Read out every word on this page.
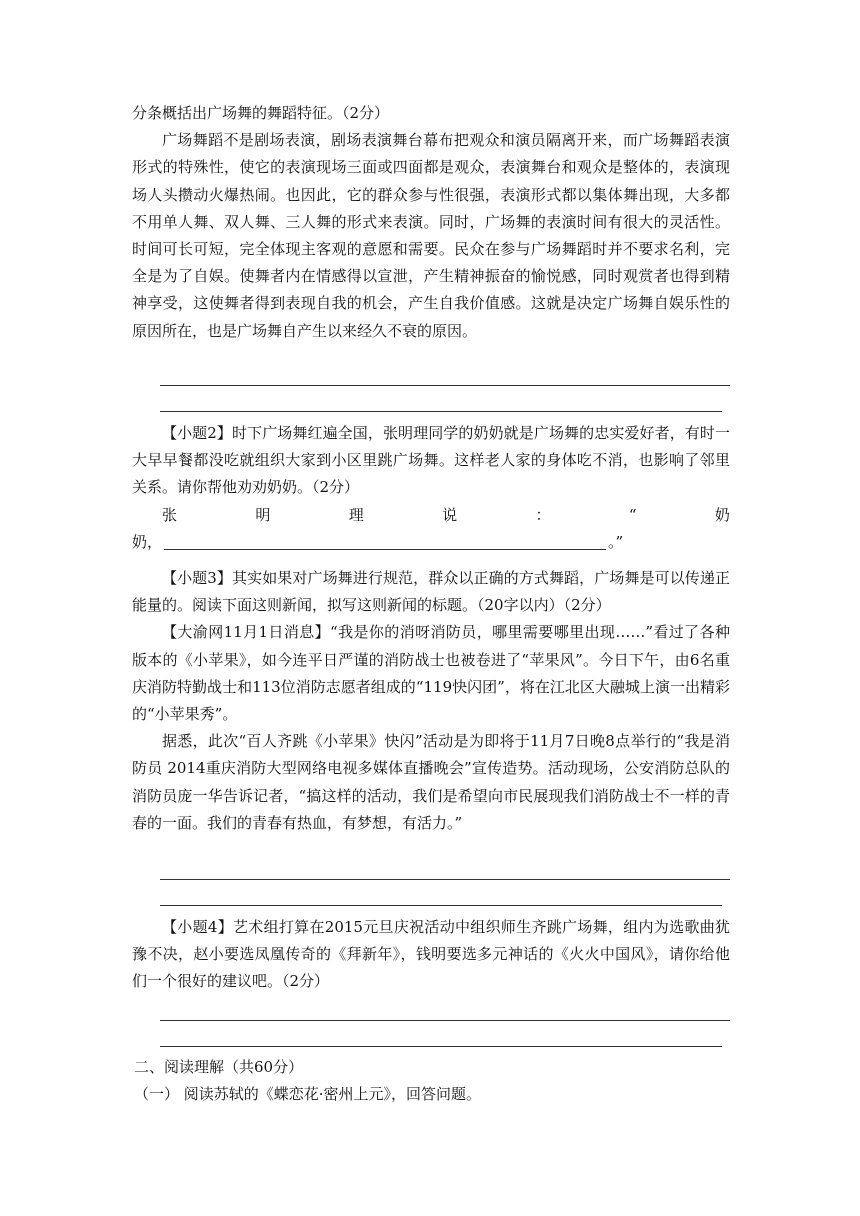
分条概括出广场舞的舞蹈特征。（2分）

广场舞蹈不是剧场表演，剧场表演舞台幕布把观众和演员隔离开来，而广场舞蹈表演形式的特殊性，使它的表演现场三面或四面都是观众，表演舞台和观众是整体的，表演现场人头攒动火爆热闹。也因此，它的群众参与性很强，表演形式都以集体舞出现，大多都不用单人舞、双人舞、三人舞的形式来表演。同时，广场舞的表演时间有很大的灵活性。时间可长可短，完全体现主客观的意愿和需要。民众在参与广场舞蹈时并不要求名利，完全是为了自娱。使舞者内在情感得以宣泄，产生精神振奋的愉悦感，同时观赏者也得到精神享受，这使舞者得到表现自我的机会，产生自我价值感。这就是决定广场舞自娱乐性的原因所在，也是广场舞自产生以来经久不衰的原因。

【小题2】时下广场舞红遍全国，张明理同学的奶奶就是广场舞的忠实爱好者，有时一大早早餐都没吃就组织大家到小区里跳广场舞。这样老人家的身体吃不消，也影响了邻里关系。请你帮他劝劝奶奶。（2分）

张	明	理	说	：	“	奶
奶，	。”

【小题3】其实如果对广场舞进行规范，群众以正确的方式舞蹈，广场舞是可以传递正能量的。阅读下面这则新闻，拟写这则新闻的标题。（20字以内）（2分）

【大渝网11月1日消息】“我是你的消呀消防员，哪里需要哪里出现……”看过了各种版本的《小苹果》，如今连平日严谨的消防战士也被卷进了“苹果风”。今日下午，由6名重庆消防特勤战士和113位消防志愿者组成的“119快闪团”，将在江北区大融城上演一出精彩的“小苹果秀”。

据悉，此次“百人齐跳《小苹果》快闪”活动是为即将于11月7日晚8点举行的“我是消防员 2014重庆消防大型网络电视多媒体直播晚会”宣传造势。活动现场，公安消防总队的消防员庞一华告诉记者，“搞这样的活动，我们是希望向市民展现我们消防战士不一样的青春的一面。我们的青春有热血，有梦想，有活力。”

【小题4】艺术组打算在2015元旦庆祝活动中组织师生齐跳广场舞，组内为选歌曲犹豫不决，赵小要选凤凰传奇的《拜新年》，钱明要选多元神话的《火火中国风》，请你给他们一个很好的建议吧。（2分）

二、阅读理解（共60分）

（一） 阅读苏轼的《蝶恋花·密州上元》，回答问题。
